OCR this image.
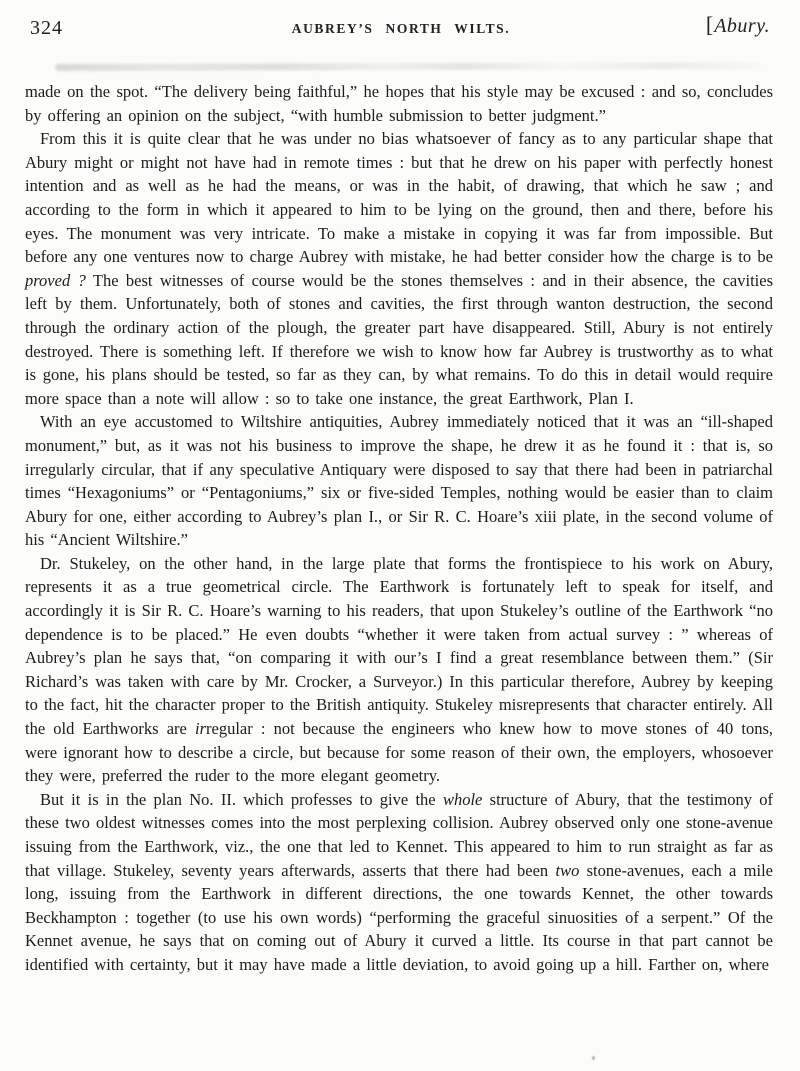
324	AUBREY’S NORTH WILTS.	[Abury.

made on the spot. “The delivery being faithful,” he hopes that his style may be excused : and so, concludes by offering an opinion on the subject, “with humble submission to better judgment.”

From this it is quite clear that he was under no bias whatsoever of fancy as to any particular shape that Abury might or might not have had in remote times : but that he drew on his paper with perfectly honest intention and as well as he had the means, or was in the habit, of drawing, that which he saw ; and according to the form in which it appeared to him to be lying on the ground, then and there, before his eyes. The monument was very intricate. To make a mistake in copying it was far from impossible. But before any one ventures now to charge Aubrey with mistake, he had better consider how the charge is to be proved ? The best witnesses of course would be the stones themselves : and in their absence, the cavities left by them. Unfortunately, both of stones and cavities, the first through wanton destruction, the second through the ordinary action of the plough, the greater part have disappeared. Still, Abury is not entirely destroyed. There is something left. If therefore we wish to know how far Aubrey is trustworthy as to what is gone, his plans should be tested, so far as they can, by what remains. To do this in detail would require more space than a note will allow : so to take one instance, the great Earthwork, Plan I.

With an eye accustomed to Wiltshire antiquities, Aubrey immediately noticed that it was an “ill-shaped monument,” but, as it was not his business to improve the shape, he drew it as he found it : that is, so irregularly circular, that if any speculative Antiquary were disposed to say that there had been in patriarchal times “Hexagoniums” or “Pentagoniums,” six or five-sided Temples, nothing would be easier than to claim Abury for one, either according to Aubrey’s plan I., or Sir R. C. Hoare’s xiii plate, in the second volume of his “Ancient Wiltshire.”

Dr. Stukeley, on the other hand, in the large plate that forms the frontispiece to his work on Abury, represents it as a true geometrical circle. The Earthwork is fortunately left to speak for itself, and accordingly it is Sir R. C. Hoare’s warning to his readers, that upon Stukeley’s outline of the Earthwork “no dependence is to be placed.” He even doubts “whether it were taken from actual survey : ” whereas of Aubrey’s plan he says that, “on comparing it with our’s I find a great resemblance between them.” (Sir Richard’s was taken with care by Mr. Crocker, a Surveyor.) In this particular therefore, Aubrey by keeping to the fact, hit the character proper to the British antiquity. Stukeley misrepresents that character entirely. All the old Earthworks are irregular : not because the engineers who knew how to move stones of 40 tons, were ignorant how to describe a circle, but because for some reason of their own, the employers, whosoever they were, preferred the ruder to the more elegant geometry.

But it is in the plan No. II. which professes to give the whole structure of Abury, that the testimony of these two oldest witnesses comes into the most perplexing collision. Aubrey observed only one stone-avenue issuing from the Earthwork, viz., the one that led to Kennet. This appeared to him to run straight as far as that village. Stukeley, seventy years afterwards, asserts that there had been two stone-avenues, each a mile long, issuing from the Earthwork in different directions, the one towards Kennet, the other towards Beckhampton : together (to use his own words) “performing the graceful sinuosities of a serpent.” Of the Kennet avenue, he says that on coming out of Abury it curved a little. Its course in that part cannot be identified with certainty, but it may have made a little deviation, to avoid going up a hill. Farther on, where
